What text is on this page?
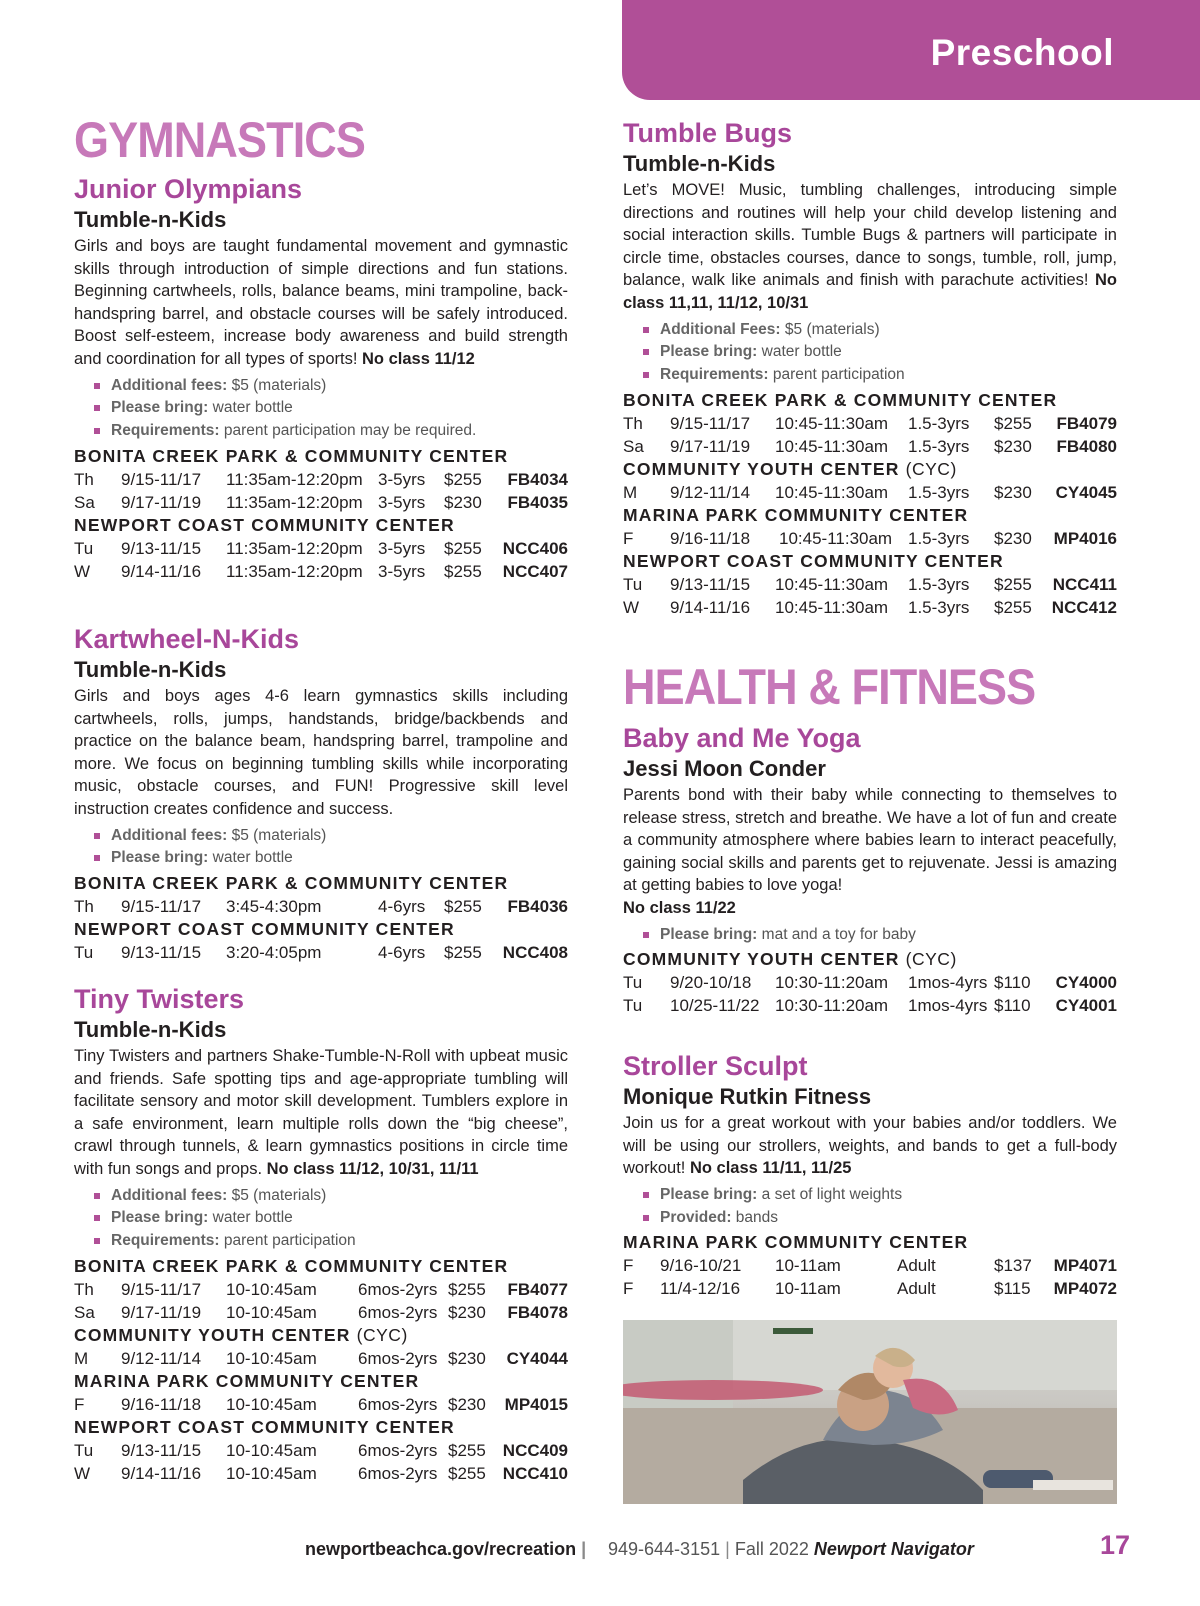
Preschool
GYMNASTICS
Junior Olympians
Tumble-n-Kids

Girls and boys are taught fundamental movement and gymnastic skills through introduction of simple directions and fun stations. Beginning cartwheels, rolls, balance beams, mini trampoline, back-handspring barrel, and obstacle courses will be safely introduced. Boost self-esteem, increase body awareness and build strength and coordination for all types of sports! No class 11/12

Additional fees: $5 (materials)
Please bring: water bottle
Requirements: parent participation may be required.
BONITA CREEK PARK & COMMUNITY CENTER
Th 9/15-11/17 11:35am-12:20pm 3-5yrs $255 FB4034
Sa 9/17-11/19 11:35am-12:20pm 3-5yrs $230 FB4035
NEWPORT COAST COMMUNITY CENTER
Tu 9/13-11/15 11:35am-12:20pm 3-5yrs $255 NCC406
W 9/14-11/16 11:35am-12:20pm 3-5yrs $255 NCC407
Kartwheel-N-Kids
Tumble-n-Kids

Girls and boys ages 4-6 learn gymnastics skills including cartwheels, rolls, jumps, handstands, bridge/backbends and practice on the balance beam, handspring barrel, trampoline and more. We focus on beginning tumbling skills while incorporating music, obstacle courses, and FUN! Progressive skill level instruction creates confidence and success.

Additional fees: $5 (materials)
Please bring: water bottle
BONITA CREEK PARK & COMMUNITY CENTER
Th 9/15-11/17 3:45-4:30pm	4-6yrs $255 FB4036
NEWPORT COAST COMMUNITY CENTER
Tu 9/13-11/15 3:20-4:05pm	4-6yrs $255 NCC408
Tiny Twisters
Tumble-n-Kids

Tiny Twisters and partners Shake-Tumble-N-Roll with upbeat music and friends. Safe spotting tips and age-appropriate tumbling will facilitate sensory and motor skill development. Tumblers explore in a safe environment, learn multiple rolls down the “big cheese”, crawl through tunnels, & learn gymnastics positions in circle time with fun songs and props. No class 11/12, 10/31, 11/11

Additional fees: $5 (materials)
Please bring: water bottle
Requirements: parent participation
BONITA CREEK PARK & COMMUNITY CENTER
Th 9/15-11/17 10-10:45am 6mos-2yrs $255 FB4077
Sa 9/17-11/19 10-10:45am 6mos-2yrs $230 FB4078
COMMUNITY YOUTH CENTER (CYC)
M 9/12-11/14 10-10:45am 6mos-2yrs $230 CY4044
MARINA PARK COMMUNITY CENTER
F 9/16-11/18 10-10:45am 6mos-2yrs $230 MP4015
NEWPORT COAST COMMUNITY CENTER
Tu 9/13-11/15 10-10:45am 6mos-2yrs $255 NCC409
W 9/14-11/16 10-10:45am 6mos-2yrs $255 NCC410
Tumble Bugs
Tumble-n-Kids

Let’s MOVE! Music, tumbling challenges, introducing simple directions and routines will help your child develop listening and social interaction skills. Tumble Bugs & partners will participate in circle time, obstacles courses, dance to songs, tumble, roll, jump, balance, walk like animals and finish with parachute activities! No class 11,11, 11/12, 10/31

Additional Fees: $5 (materials)
Please bring: water bottle
Requirements: parent participation
BONITA CREEK PARK & COMMUNITY CENTER
Th 9/15-11/17 10:45-11:30am 1.5-3yrs $255 FB4079
Sa 9/17-11/19 10:45-11:30am 1.5-3yrs $230 FB4080
COMMUNITY YOUTH CENTER (CYC)
M 9/12-11/14 10:45-11:30am 1.5-3yrs $230 CY4045
MARINA PARK COMMUNITY CENTER
F 9/16-11/18 10:45-11:30am 1.5-3yrs $230 MP4016
NEWPORT COAST COMMUNITY CENTER
Tu 9/13-11/15 10:45-11:30am 1.5-3yrs $255 NCC411
W 9/14-11/16 10:45-11:30am 1.5-3yrs $255 NCC412
HEALTH & FITNESS
Baby and Me Yoga
Jessi Moon Conder

Parents bond with their baby while connecting to themselves to release stress, stretch and breathe. We have a lot of fun and create a community atmosphere where babies learn to interact peacefully, gaining social skills and parents get to rejuvenate. Jessi is amazing at getting babies to love yoga!
No class 11/22

Please bring: mat and a toy for baby
COMMUNITY YOUTH CENTER (CYC)
Tu 9/20-10/18 10:30-11:20am 1mos-4yrs $110 CY4000
Tu 10/25-11/22 10:30-11:20am 1mos-4yrs $110 CY4001
Stroller Sculpt
Monique Rutkin Fitness

Join us for a great workout with your babies and/or toddlers. We will be using our strollers, weights, and bands to get a full-body workout! No class 11/11, 11/25

Please bring: a set of light weights
Provided: bands
MARINA PARK COMMUNITY CENTER
F 9/16-10/21 10-11am	Adult	$137 MP4071
F 11/4-12/16 10-11am	Adult	$115 MP4072
newportbeachca.gov/recreation | 949-644-3151 | Fall 2022 Newport Navigator	17
